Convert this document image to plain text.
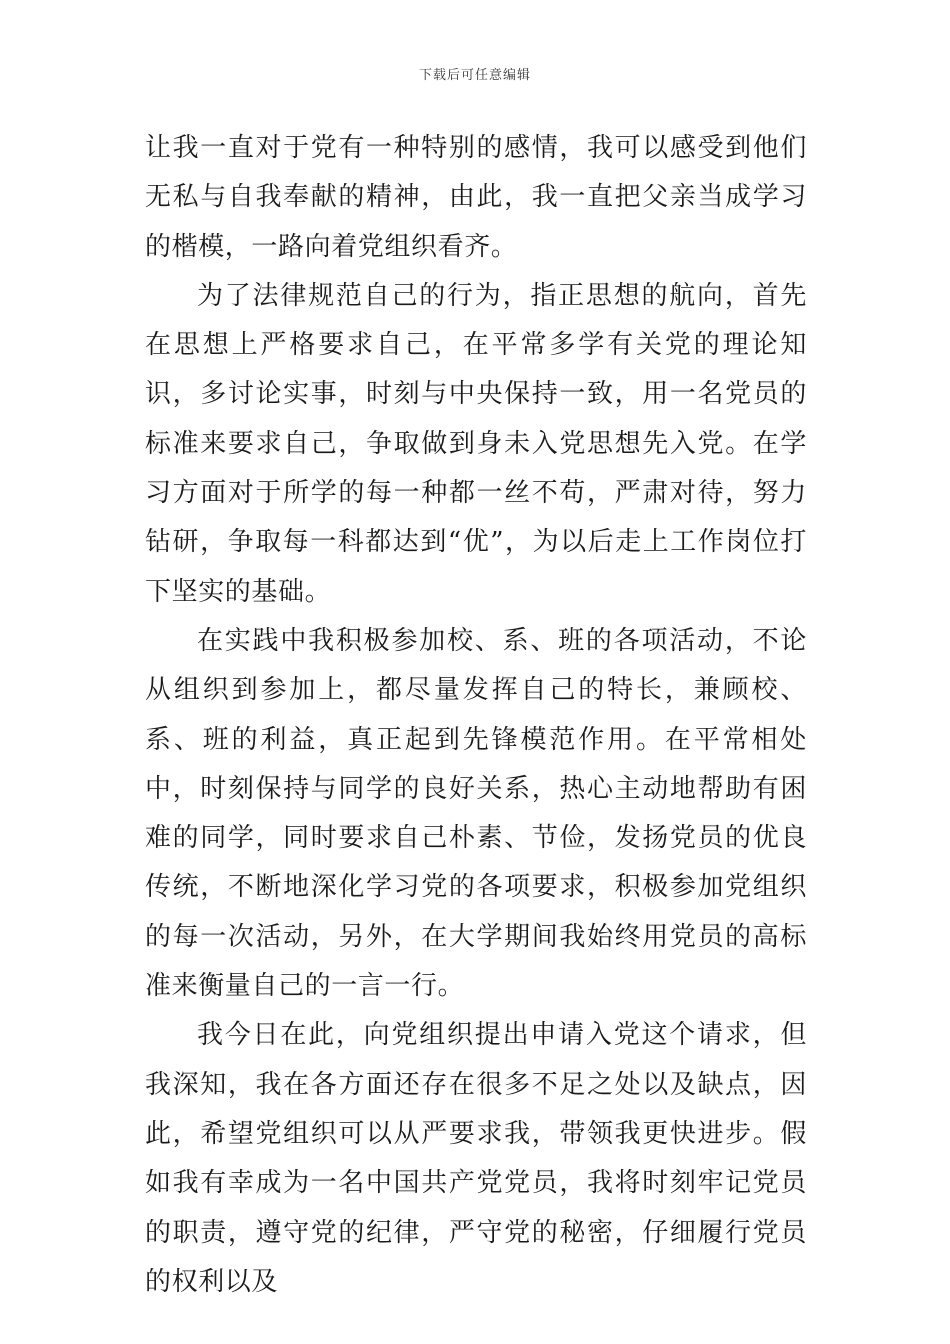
下载后可任意编辑

让我一直对于党有一种特别的感情，我可以感受到他们无私与自我奉献的精神，由此，我一直把父亲当成学习的楷模，一路向着党组织看齐。

为了法律规范自己的行为，指正思想的航向，首先在思想上严格要求自己，在平常多学有关党的理论知识，多讨论实事，时刻与中央保持一致，用一名党员的标准来要求自己，争取做到身未入党思想先入党。在学习方面对于所学的每一种都一丝不苟，严肃对待，努力钻研，争取每一科都达到“优”，为以后走上工作岗位打下坚实的基础。

在实践中我积极参加校、系、班的各项活动，不论从组织到参加上，都尽量发挥自己的特长，兼顾校、系、班的利益，真正起到先锋模范作用。在平常相处中，时刻保持与同学的良好关系，热心主动地帮助有困难的同学，同时要求自己朴素、节俭，发扬党员的优良传统，不断地深化学习党的各项要求，积极参加党组织的每一次活动，另外，在大学期间我始终用党员的高标准来衡量自己的一言一行。

我今日在此，向党组织提出申请入党这个请求，但我深知，我在各方面还存在很多不足之处以及缺点，因此，希望党组织可以从严要求我，带领我更快进步。假如我有幸成为一名中国共产党党员，我将时刻牢记党员的职责，遵守党的纪律，严守党的秘密，仔细履行党员的权利以及
